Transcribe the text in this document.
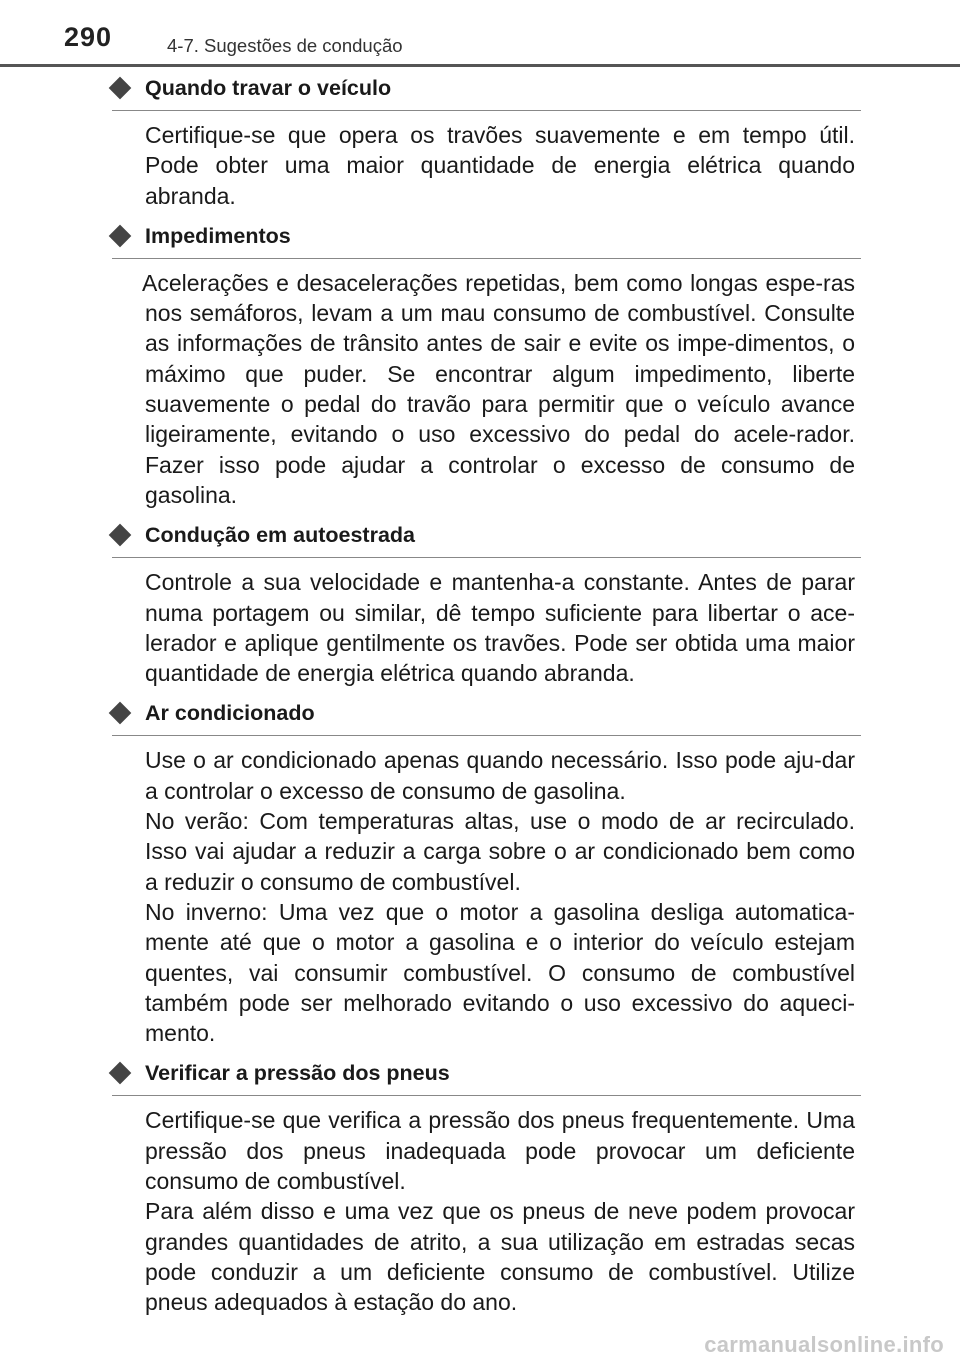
290	4-7. Sugestões de condução
Quando travar o veículo

Certifique-se que opera os travões suavemente e em tempo útil. Pode obter uma maior quantidade de energia elétrica quando abranda.

Impedimentos

Acelerações e desacelerações repetidas, bem como longas espe-ras nos semáforos, levam a um mau consumo de combustível. Consulte as informações de trânsito antes de sair e evite os impe-dimentos, o máximo que puder. Se encontrar algum impedimento, liberte suavemente o pedal do travão para permitir que o veículo avance ligeiramente, evitando o uso excessivo do pedal do acele-rador. Fazer isso pode ajudar a controlar o excesso de consumo de gasolina.

Condução em autoestrada

Controle a sua velocidade e mantenha-a constante. Antes de parar numa portagem ou similar, dê tempo suficiente para libertar o ace-lerador e aplique gentilmente os travões. Pode ser obtida uma maior quantidade de energia elétrica quando abranda.

Ar condicionado

Use o ar condicionado apenas quando necessário. Isso pode aju-dar a controlar o excesso de consumo de gasolina.

No verão: Com temperaturas altas, use o modo de ar recirculado. Isso vai ajudar a reduzir a carga sobre o ar condicionado bem como a reduzir o consumo de combustível.

No inverno: Uma vez que o motor a gasolina desliga automatica-mente até que o motor a gasolina e o interior do veículo estejam quentes, vai consumir combustível. O consumo de combustível também pode ser melhorado evitando o uso excessivo do aqueci-mento.

Verificar a pressão dos pneus

Certifique-se que verifica a pressão dos pneus frequentemente. Uma pressão dos pneus inadequada pode provocar um deficiente consumo de combustível.

Para além disso e uma vez que os pneus de neve podem provocar grandes quantidades de atrito, a sua utilização em estradas secas pode conduzir a um deficiente consumo de combustível. Utilize pneus adequados à estação do ano.

carmanualsonline.info
